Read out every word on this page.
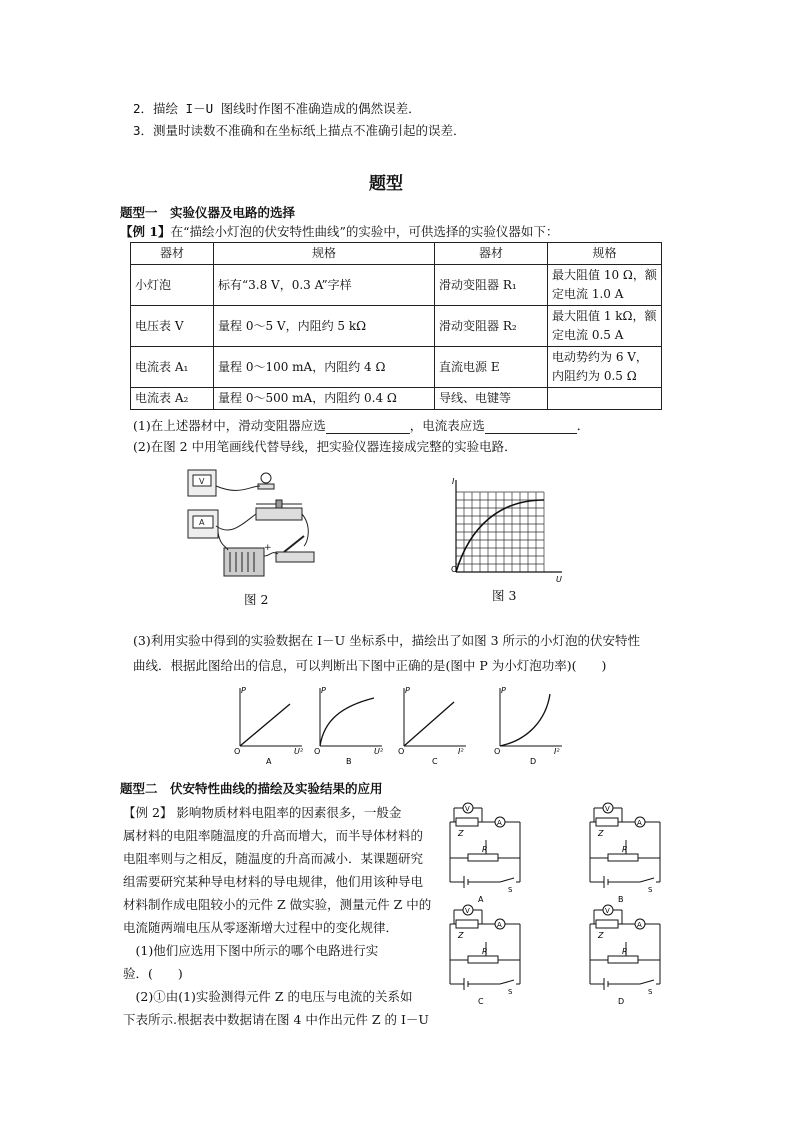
2．描绘 I－U 图线时作图不准确造成的偶然误差．
3．测量时读数不准确和在坐标纸上描点不准确引起的误差．
题型
题型一　实验仪器及电路的选择
【例 1】在“描绘小灯泡的伏安特性曲线”的实验中，可供选择的实验仪器如下：
器材	规格	器材	规格
小灯泡	标有“3.8 V，0.3 A”字样	滑动变阻器 R₁	最大阻值 10 Ω，额定电流 1.0 A
电压表 V	量程 0～5 V，内阻约 5 kΩ	滑动变阻器 R₂	最大阻值 1 kΩ，额定电流 0.5 A
电流表 A₁	量程 0～100 mA，内阻约 4 Ω	直流电源 E	电动势约为 6 V，内阻约为 0.5 Ω
电流表 A₂	量程 0～500 mA，内阻约 0.4 Ω	导线、电键等	
(1)在上述器材中，滑动变阻器应选	，电流表应选	．
(2)在图 2 中用笔画线代替导线，把实验仪器连接成完整的实验电路．
V
A
+
图 2
O
I
U
图 3
(3)利用实验中得到的实验数据在 I－U 坐标系中，描绘出了如图 3 所示的小灯泡的伏安特性
曲线．根据此图给出的信息，可以判断出下图中正确的是(图中 P 为小灯泡功率)(　　)
P
O	U²
A
P
O	U²
B
P
O	I²
C
P
O	I²
D
题型二　伏安特性曲线的描绘及实验结果的应用
【例 2】 影响物质材料电阻率的因素很多，一般金
属材料的电阻率随温度的升高而增大，而半导体材料的
电阻率则与之相反，随温度的升高而减小．某课题研究
组需要研究某种导电材料的导电规律，他们用该种导电
材料制作成电阻较小的元件 Z 做实验，测量元件 Z 中的
电流随两端电压从零逐渐增大过程中的变化规律．
　(1)他们应选用下图中所示的哪个电路进行实
验．(　　)
　(2)①由(1)实验测得元件 Z 的电压与电流的关系如
下表所示.根据表中数据请在图 4 中作出元件 Z 的 I－U
V
A
Z
R
S
A
V
A
Z
R
S
B
V
A
Z
R
S
C
V
A
Z
R
S
D
